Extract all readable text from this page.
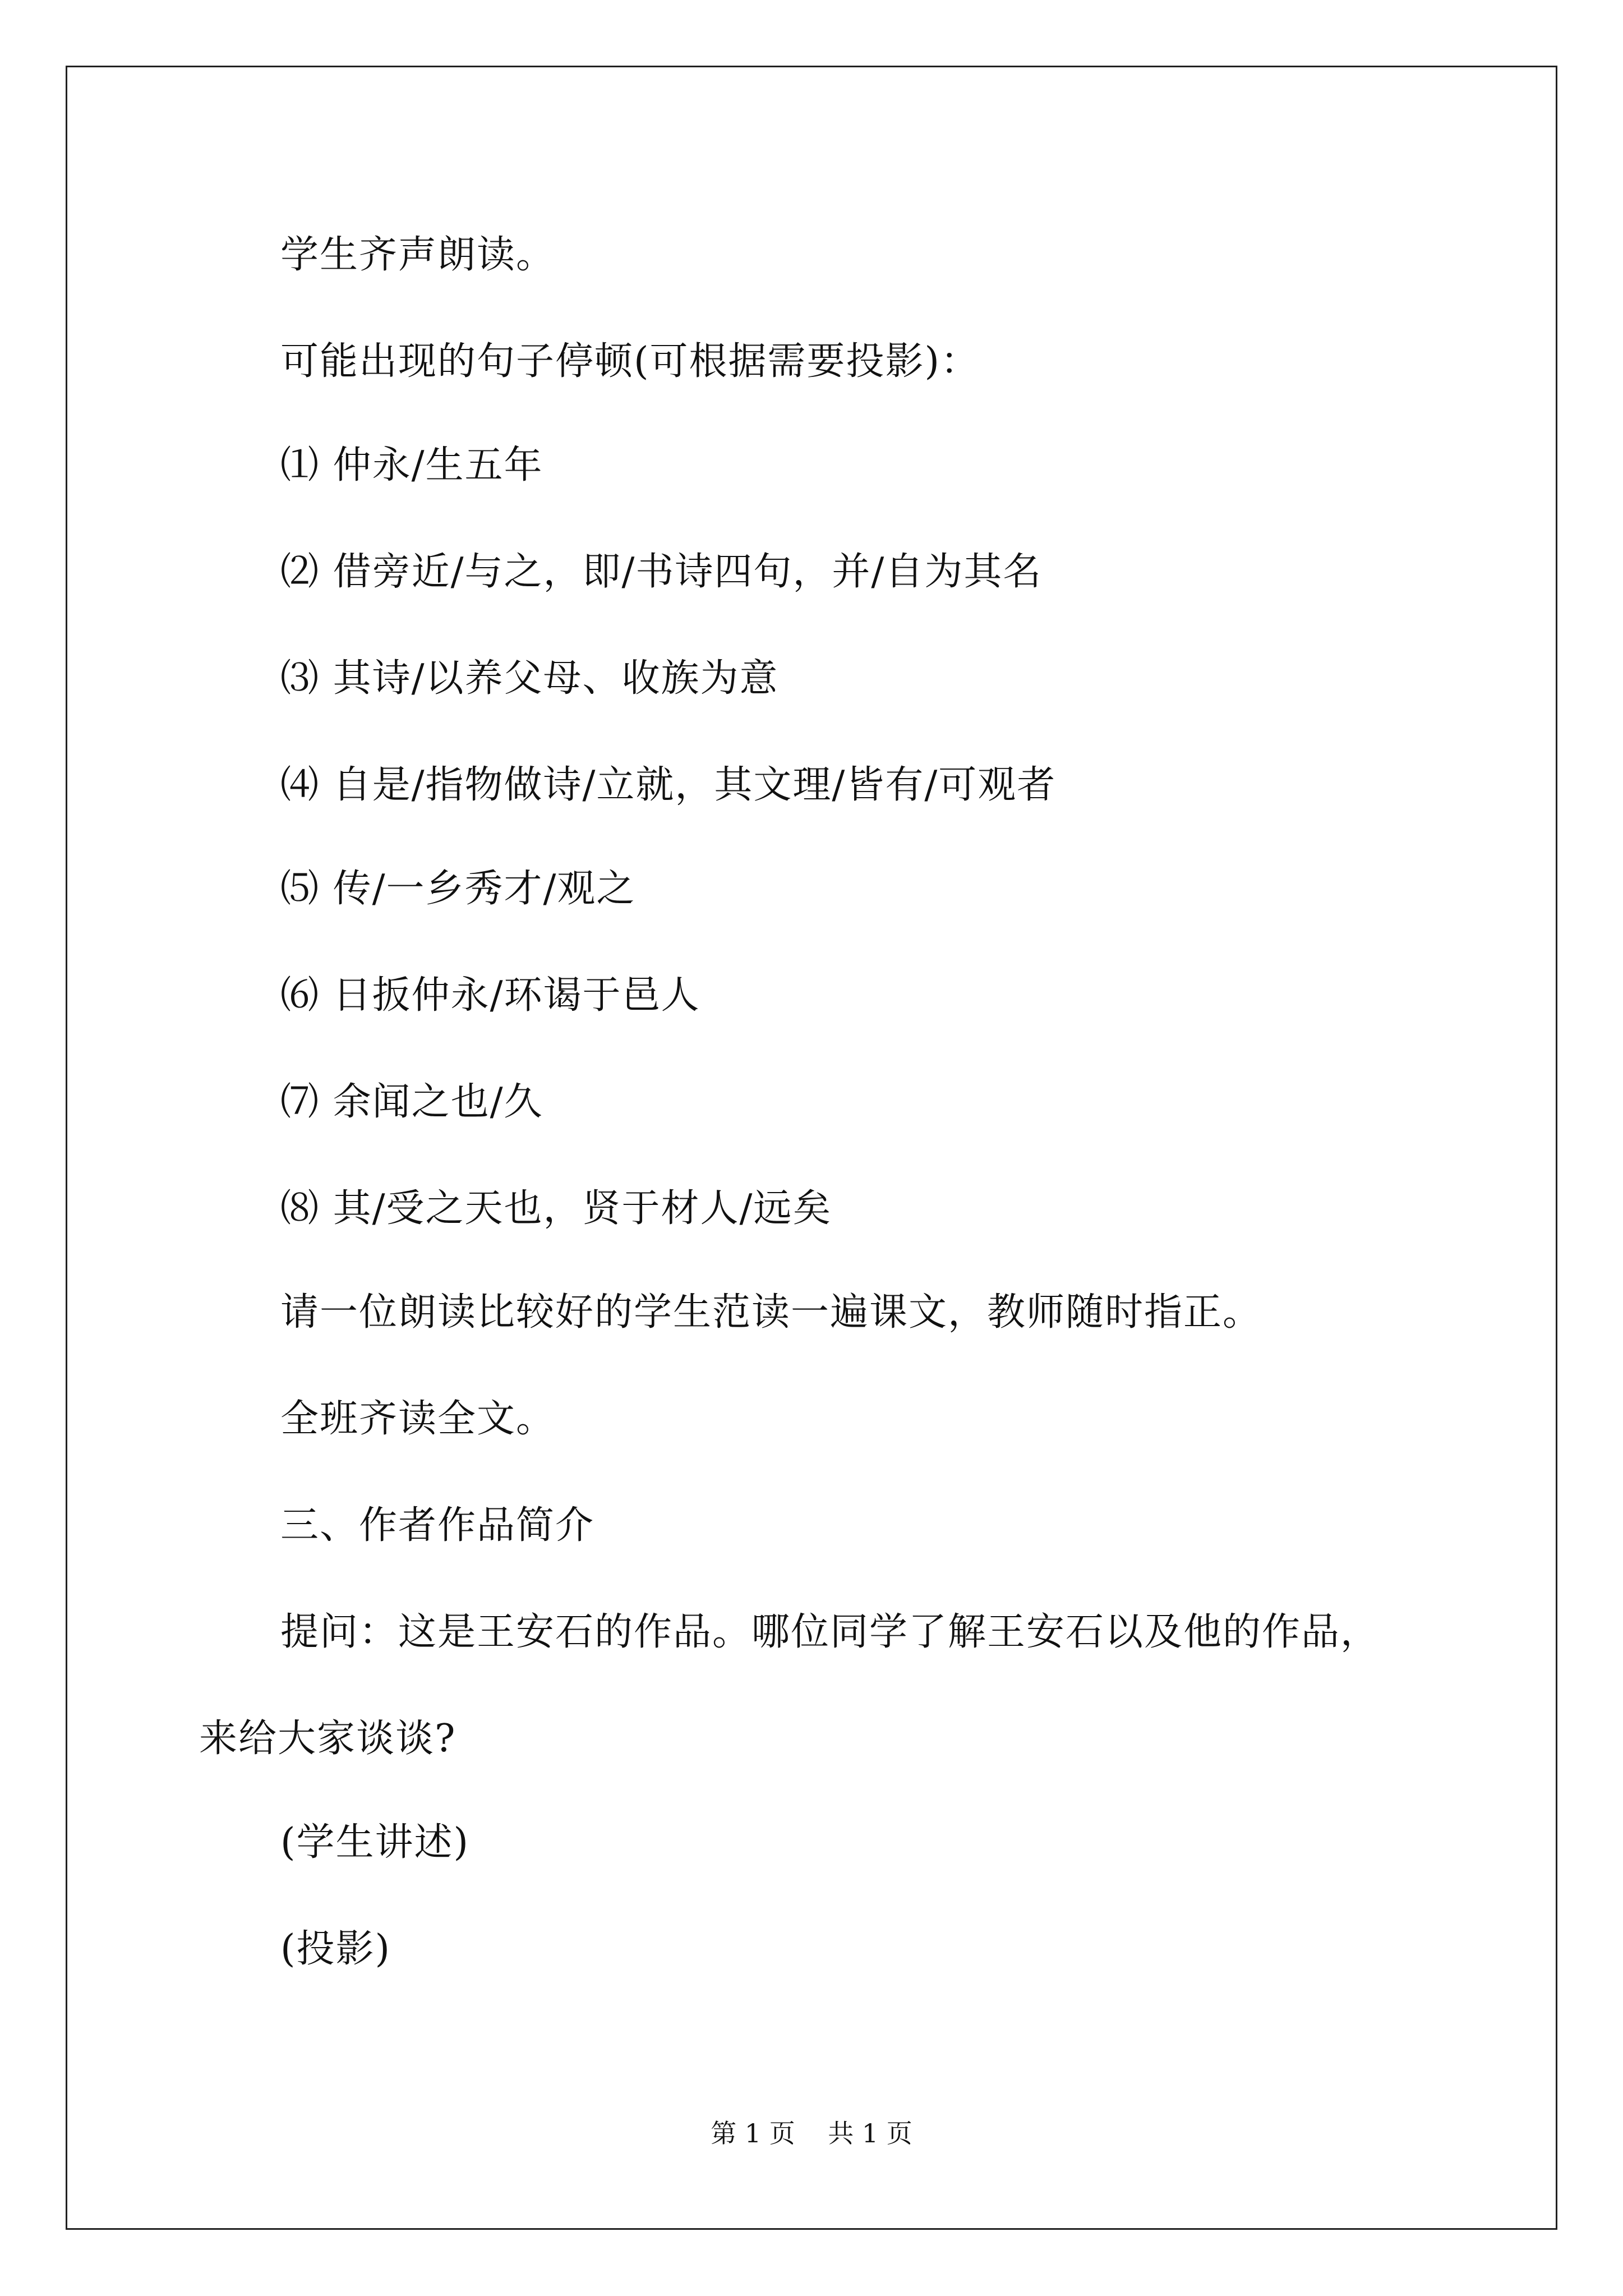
学生齐声朗读。
可能出现的句子停顿(可根据需要投影)：
⑴ 仲永/生五年
⑵ 借旁近/与之，即/书诗四句，并/自为其名
⑶ 其诗/以养父母、收族为意
⑷ 自是/指物做诗/立就，其文理/皆有/可观者
⑸ 传/一乡秀才/观之
⑹ 日扳仲永/环谒于邑人
⑺ 余闻之也/久
⑻ 其/受之天也，贤于材人/远矣
请一位朗读比较好的学生范读一遍课文，教师随时指正。
全班齐读全文。
三、作者作品简介
提问：这是王安石的作品。哪位同学了解王安石以及他的作品，
来给大家谈谈?
(学生讲述)
(投影)
第 1 页    共 1 页
